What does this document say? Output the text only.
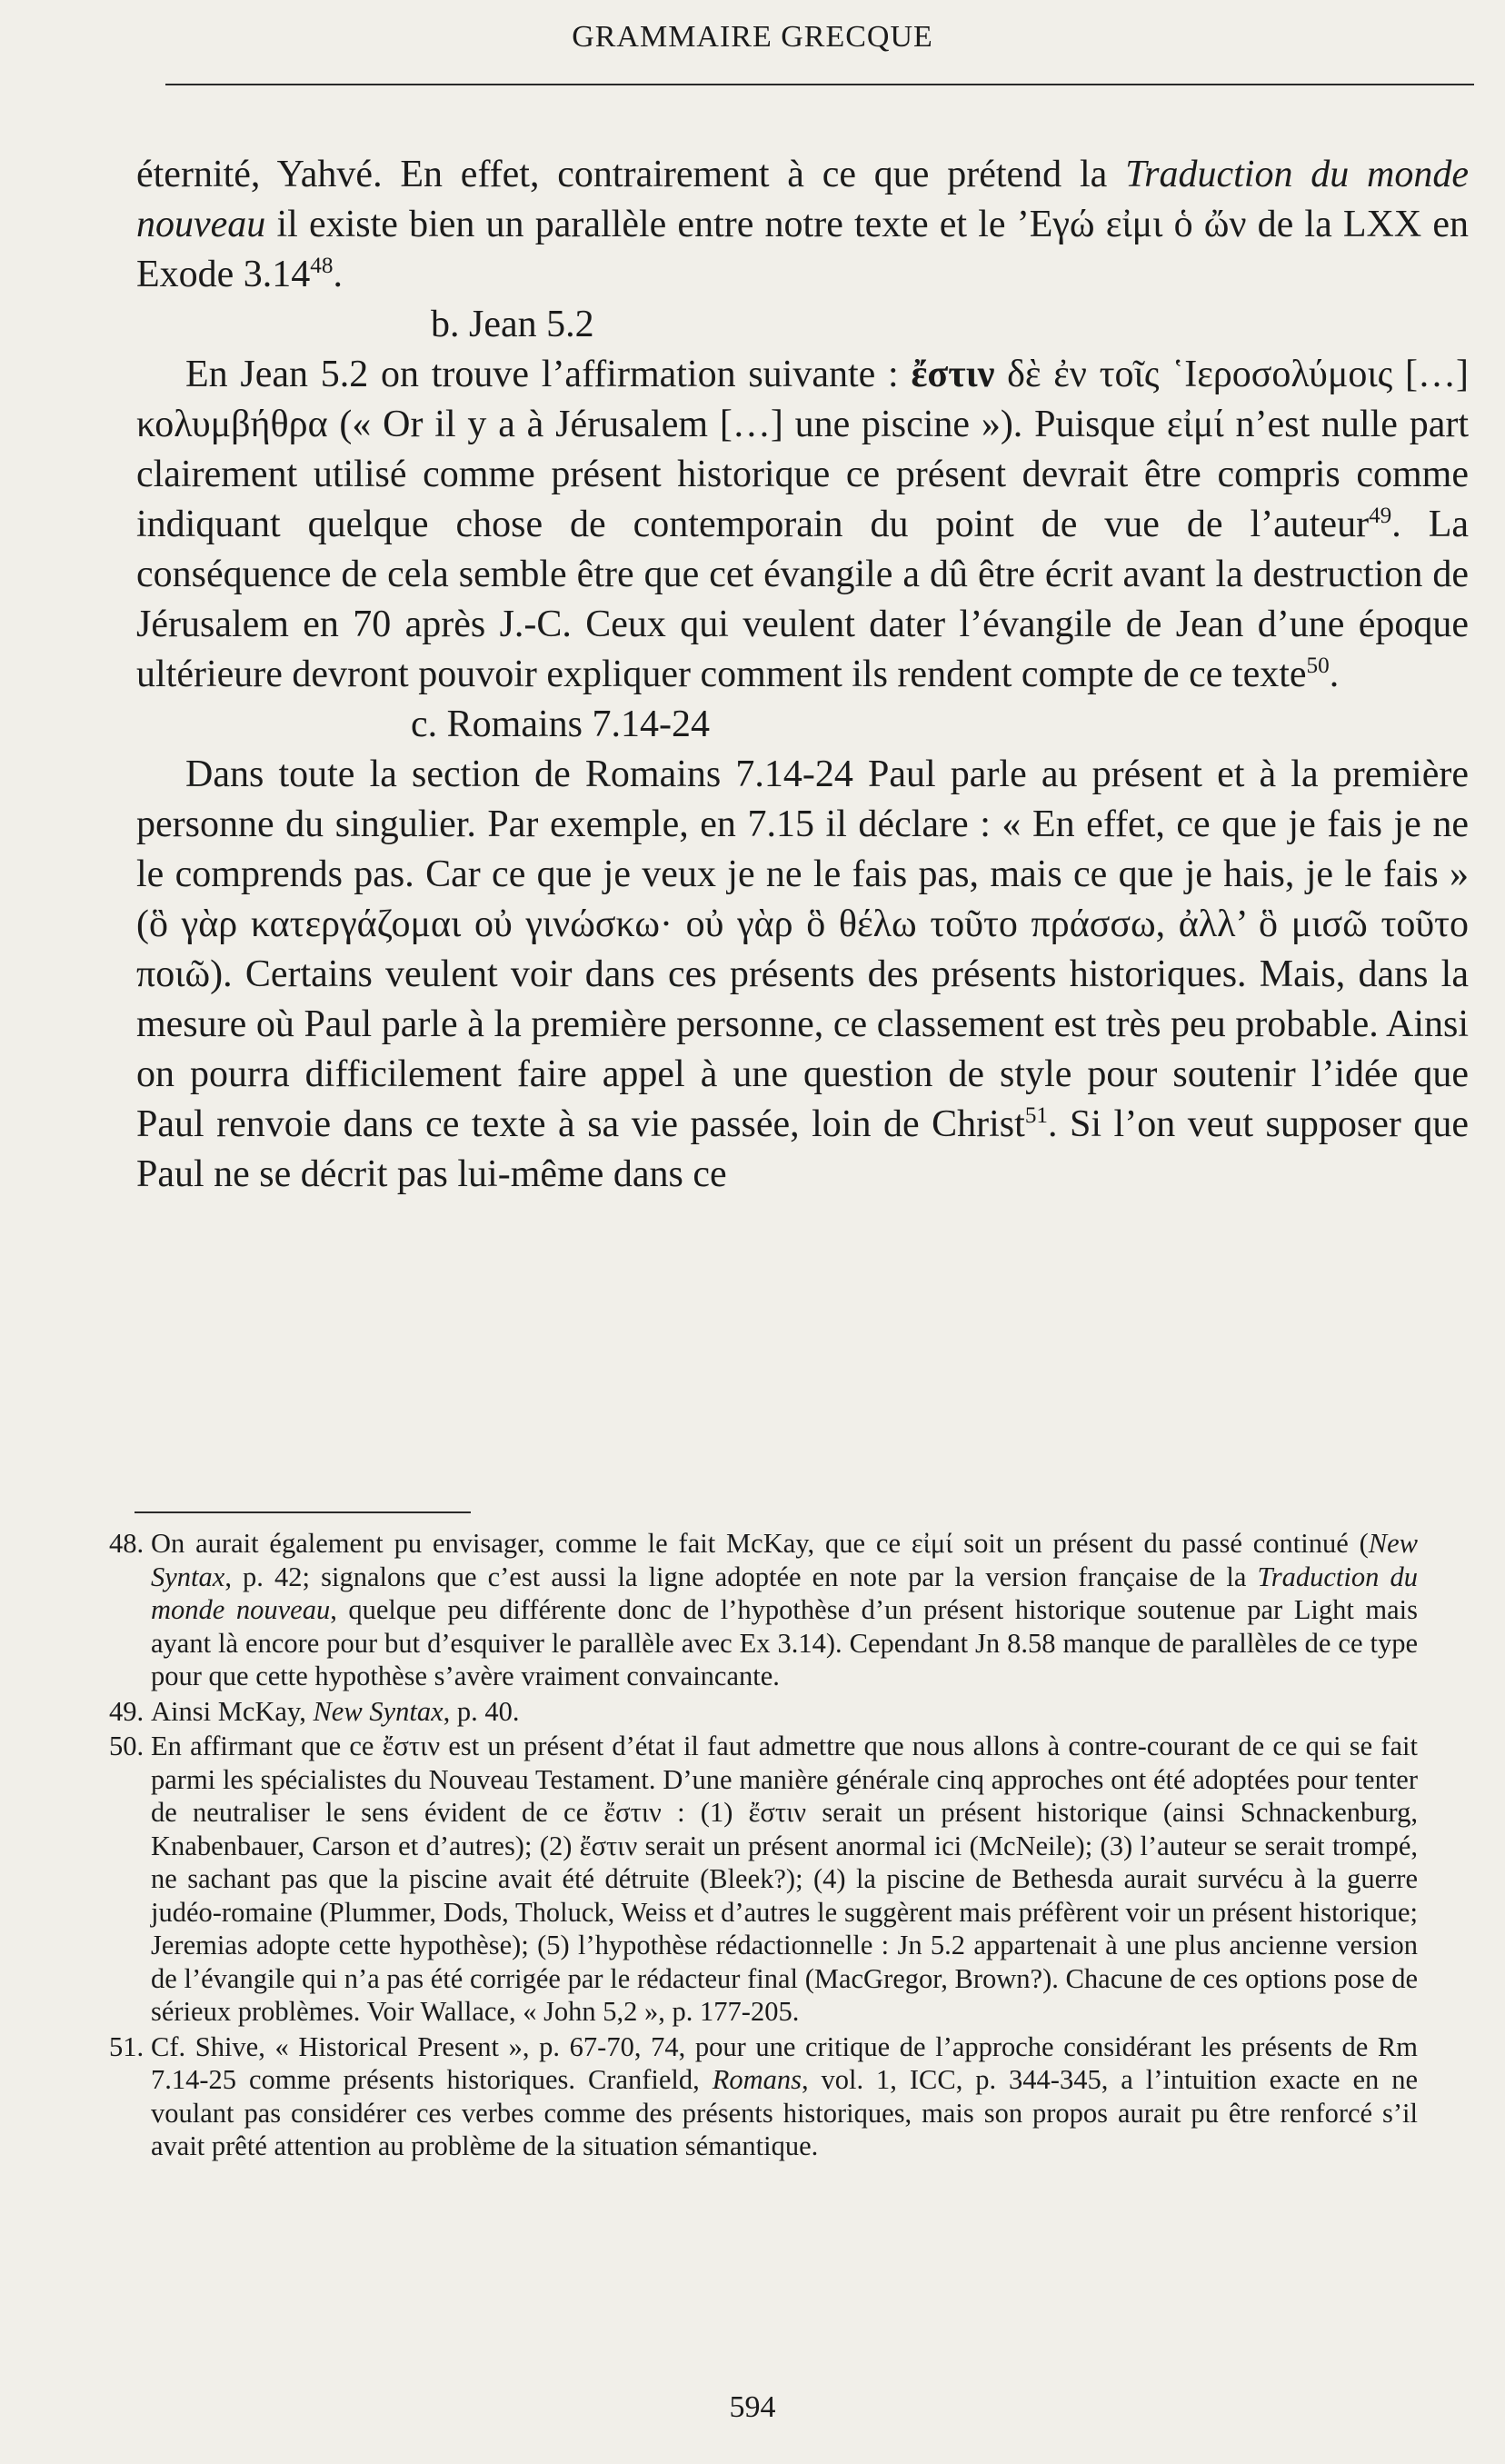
GRAMMAIRE GRECQUE

éternité, Yahvé. En effet, contrairement à ce que prétend la Traduction du monde nouveau il existe bien un parallèle entre notre texte et le ’Εγώ εἰμι ὁ ὤν de la LXX en Exode 3.14$^{48}$.

b. Jean 5.2

En Jean 5.2 on trouve l’affirmation suivante : ἔστιν δὲ ἐν τοῖς ῾Ιεροσολύμοις […] κολυμβήθρα (« Or il y a à Jérusalem […] une piscine »). Puisque εἰμί n’est nulle part clairement utilisé comme présent historique ce présent devrait être compris comme indiquant quelque chose de contemporain du point de vue de l’auteur$^{49}$. La conséquence de cela semble être que cet évangile a dû être écrit avant la destruction de Jérusalem en 70 après J.-C. Ceux qui veulent dater l’évangile de Jean d’une époque ultérieure devront pouvoir expliquer comment ils rendent compte de ce texte$^{50}$.

c. Romains 7.14-24

Dans toute la section de Romains 7.14-24 Paul parle au présent et à la première personne du singulier. Par exemple, en 7.15 il déclare : « En effet, ce que je fais je ne le comprends pas. Car ce que je veux je ne le fais pas, mais ce que je hais, je le fais » (ὃ γὰρ κατεργάζομαι οὐ γινώσκω· οὐ γὰρ ὃ θέλω τοῦτο πράσσω, ἀλλ’ ὃ μισῶ τοῦτο ποιῶ). Certains veulent voir dans ces présents des présents historiques. Mais, dans la mesure où Paul parle à la première personne, ce classement est très peu probable. Ainsi on pourra difficilement faire appel à une question de style pour soutenir l’idée que Paul renvoie dans ce texte à sa vie passée, loin de Christ$^{51}$. Si l’on veut supposer que Paul ne se décrit pas lui-même dans ce

48. On aurait également pu envisager, comme le fait McKay, que ce εἰμί soit un présent du passé continué (New Syntax, p. 42; signalons que c’est aussi la ligne adoptée en note par la version française de la Traduction du monde nouveau, quelque peu différente donc de l’hypothèse d’un présent historique soutenue par Light mais ayant là encore pour but d’esquiver le parallèle avec Ex 3.14). Cependant Jn 8.58 manque de parallèles de ce type pour que cette hypothèse s’avère vraiment convaincante.

49. Ainsi McKay, New Syntax, p. 40.

50. En affirmant que ce ἔστιν est un présent d’état il faut admettre que nous allons à contre-courant de ce qui se fait parmi les spécialistes du Nouveau Testament. D’une manière générale cinq approches ont été adoptées pour tenter de neutraliser le sens évident de ce ἔστιν : (1) ἔστιν serait un présent historique (ainsi Schnackenburg, Knabenbauer, Carson et d’autres); (2) ἔστιν serait un présent anormal ici (McNeile); (3) l’auteur se serait trompé, ne sachant pas que la piscine avait été détruite (Bleek?); (4) la piscine de Bethesda aurait survécu à la guerre judéo-romaine (Plummer, Dods, Tholuck, Weiss et d’autres le suggèrent mais préfèrent voir un présent historique; Jeremias adopte cette hypothèse); (5) l’hypothèse rédactionnelle : Jn 5.2 appartenait à une plus ancienne version de l’évangile qui n’a pas été corrigée par le rédacteur final (MacGregor, Brown?). Chacune de ces options pose de sérieux problèmes. Voir Wallace, « John 5,2 », p. 177-205.

51. Cf. Shive, « Historical Present », p. 67-70, 74, pour une critique de l’approche considérant les présents de Rm 7.14-25 comme présents historiques. Cranfield, Romans, vol. 1, ICC, p. 344-345, a l’intuition exacte en ne voulant pas considérer ces verbes comme des présents historiques, mais son propos aurait pu être renforcé s’il avait prêté attention au problème de la situation sémantique.

594
